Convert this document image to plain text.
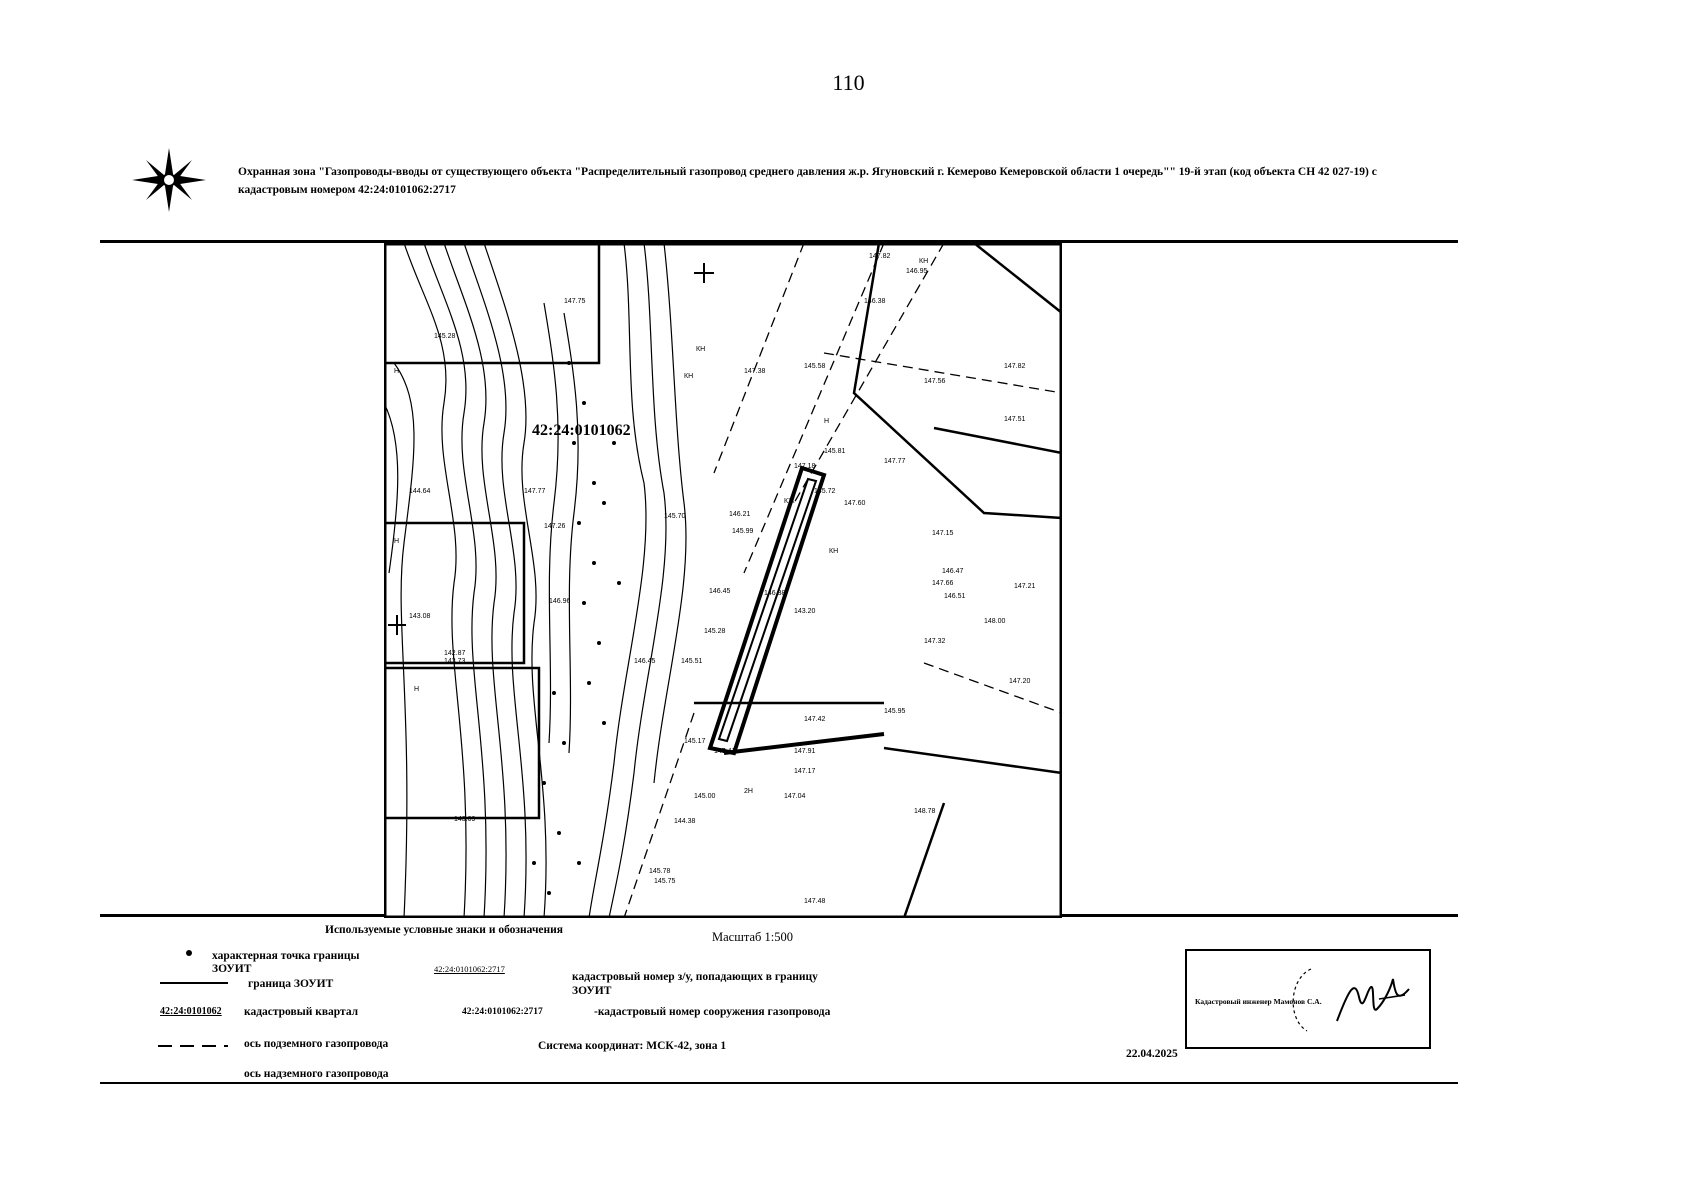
110
Охранная зона "Газопроводы-вводы от существующего объекта "Распределительный газопровод среднего давления ж.р. Ягуновский г. Кемерово Кемеровской области 1 очередь"" 19-й этап (код объекта СН 42 027-19) с кадастровым номером 42:24:0101062:2717
42:24:0101062
КН
КН
КН
КН
КЖ
Н
Н
Н
Н
2Н
147.82
146.95
146.38
145.58
147.38
145.28
147.56
147.82
145.81
147.77
145.72
146.51
147.51
147.66
146.47
146.45
145.28
147.42
147.18
147.60
145.17
147.17
147.91
147.04
148.78
145.78
143.08
145.70	146.21
145.99
147.41
144.38
145.51
143.09
146.38
147.15
143.20
142.87
144.64
145.00
147.32
146.96
148.00
147.20
146.45
147.75
147.26
147.77
145.95
147.48
145.75
143.73
147.21
Используемые условные знаки и обозначения	Масштаб 1:500
характерная точка границы ЗОУИТ
граница ЗОУИТ
42:24:0101062:2717
кадастровый номер з/у, попадающих в границу ЗОУИТ
42:24:0101062 кадастровый квартал	42:24:0101062:2717	-кадастровый номер сооружения газопровода
ось подземного газопровода	Система координат: МСК-42, зона 1
ось надземного газопровода
22.04.2025
Кадастровый инженер Мамонов С.А.
